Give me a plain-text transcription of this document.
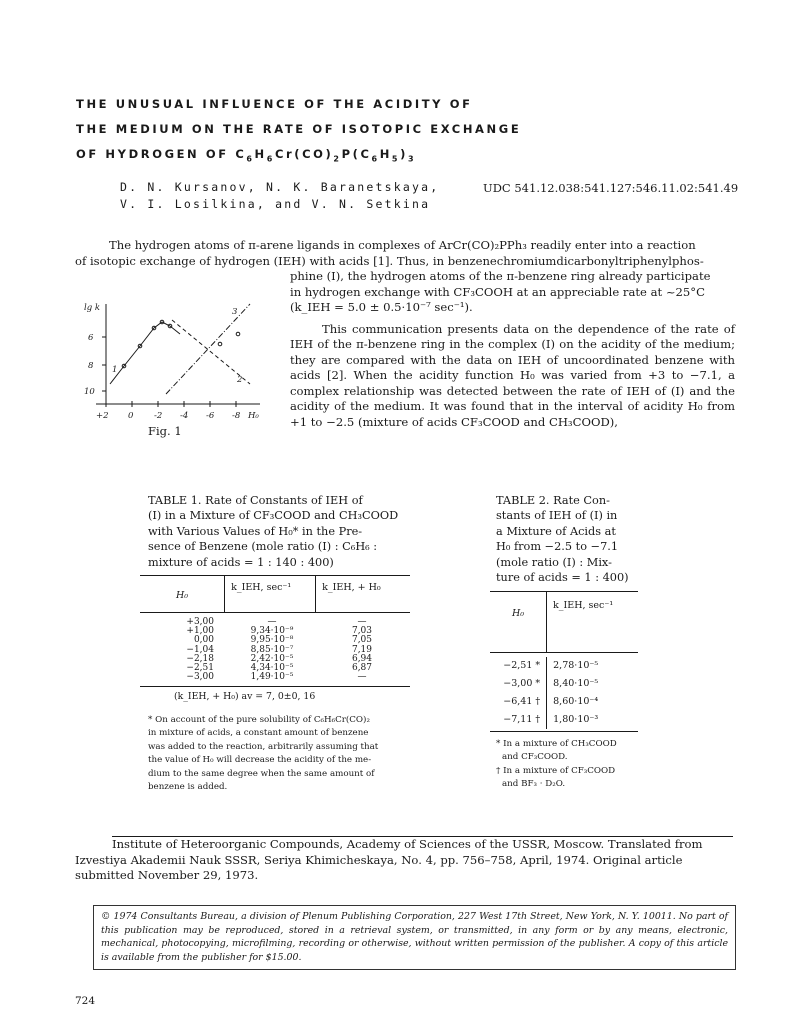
THE UNUSUAL INFLUENCE OF THE ACIDITY OF
THE MEDIUM ON THE RATE OF ISOTOPIC EXCHANGE
OF HYDROGEN OF $C_6H_6Cr(CO)_2P(C_6H_5)_3$
D. N. Kursanov, N. K. Baranetskaya,
V. I. Losilkina, and V. N. Setkina
UDC 541.12.038:541.127:546.11.02:541.49
The hydrogen atoms of π-arene ligands in complexes of ArCr(CO)₂PPh₃ readily enter into a reaction
of isotopic exchange of hydrogen (IEH) with acids [1]. Thus, in benzenechromiumdicarbonyltriphenylphos-
phine (I), the hydrogen atoms of the π-benzene ring already participate
in hydrogen exchange with CF₃COOH at an appreciable rate at ~25°C
(k_IEH = 5.0 ± 0.5·10⁻⁷ sec⁻¹).
This communication presents data on the dependence of the rate of IEH of the π-benzene ring in the complex (I) on the acidity of the medium; they are compared with the data on IEH of uncoordinated benzene with acids [2]. When the acidity function H₀ was varied from +3 to −7.1, a complex relationship was detected between the rate of IEH of (I) and the acidity of the medium. It was found that in the interval of acidity H₀ from +1 to −2.5 (mixture of acids CF₃COOD and CH₃COOD),
lg k
6
8
10
+2 0 -2 -4 -6 -8 H₀
1
2
3
Fig. 1
TABLE 1. Rate of Constants of IEH of
(I) in a Mixture of CF₃COOD and CH₃COOD
with Various Values of H₀* in the Pre-
sence of Benzene (mole ratio (I) : C₆H₆ :
mixture of acids = 1 : 140 : 400)
H₀
k_IEH, sec⁻¹	k_IEH, + H₀
+3,00
+1,00
0,00
−1,04
−2,18
−2,51
−3,00
—
9,34·10⁻⁹
9,95·10⁻⁸
8,85·10⁻⁷
2,42·10⁻⁵
4,34·10⁻⁵
1,49·10⁻⁵
—
7,03
7,05
7,19
6,94
6,87
—
(k_IEH, + H₀) av = 7, 0±0, 16
* On account of the pure solubility of C₆H₆Cr(CO)₂
in mixture of acids, a constant amount of benzene
was added to the reaction, arbitrarily assuming that
the value of H₀ will decrease the acidity of the me-
dium to the same degree when the same amount of
benzene is added.
TABLE 2. Rate Con-
stants of IEH of (I) in
a Mixture of Acids at
H₀ from −2.5 to −7.1
(mole ratio (I) : Mix-
ture of acids = 1 : 400)
H₀
k_IEH, sec⁻¹
−2,51 *
−3,00 *
−6,41 †
−7,11 †
2,78·10⁻⁵
8,40·10⁻⁵
8,60·10⁻⁴
1,80·10⁻³
* In a mixture of CH₃COOD
and CF₃COOD.
† In a mixture of CF₃COOD
and BF₃ · D₂O.
Institute of Heteroorganic Compounds, Academy of Sciences of the USSR, Moscow. Translated from
Izvestiya Akademii Nauk SSSR, Seriya Khimicheskaya, No. 4, pp. 756–758, April, 1974. Original article
submitted November 29, 1973.
© 1974 Consultants Bureau, a division of Plenum Publishing Corporation, 227 West 17th Street, New York, N. Y. 10011. No part of this publication may be reproduced, stored in a retrieval system, or transmitted, in any form or by any means, electronic, mechanical, photocopying, microfilming, recording or otherwise, without written permission of the publisher. A copy of this article is available from the publisher for $15.00.
724
